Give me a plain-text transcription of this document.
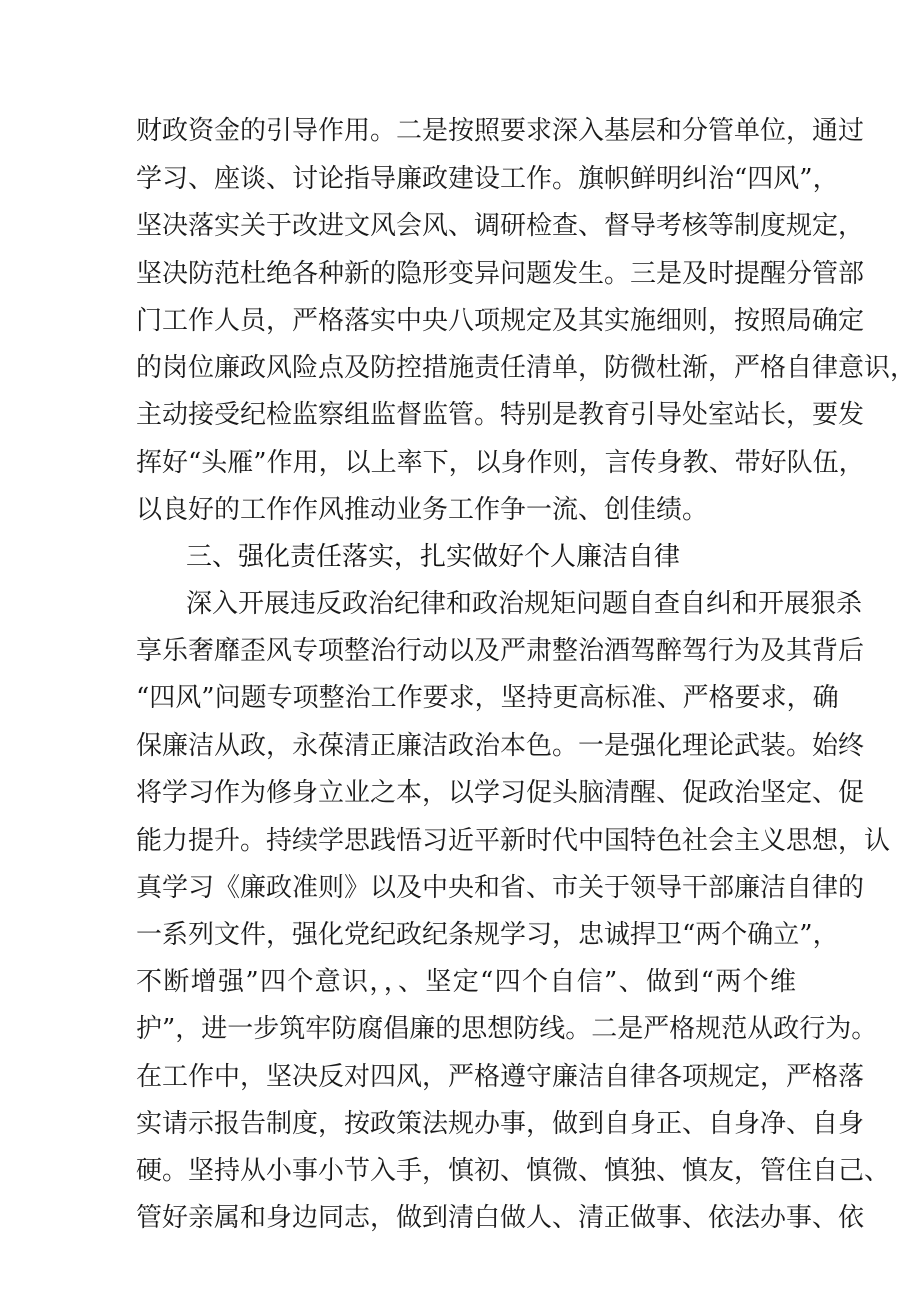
财政资金的引导作用。二是按照要求深入基层和分管单位，通过
学习、座谈、讨论指导廉政建设工作。旗帜鲜明纠治“四风”，
坚决落实关于改进文风会风、调研检查、督导考核等制度规定，
坚决防范杜绝各种新的隐形变异问题发生。三是及时提醒分管部
门工作人员，严格落实中央八项规定及其实施细则，按照局确定
的岗位廉政风险点及防控措施责任清单，防微杜渐，严格自律意识，
主动接受纪检监察组监督监管。特别是教育引导处室站长，要发
挥好“头雁”作用，以上率下，以身作则，言传身教、带好队伍，
以良好的工作作风推动业务工作争一流、创佳绩。
三、强化责任落实，扎实做好个人廉洁自律
深入开展违反政治纪律和政治规矩问题自查自纠和开展狠杀
享乐奢靡歪风专项整治行动以及严肃整治酒驾醉驾行为及其背后
“四风”问题专项整治工作要求，坚持更高标准、严格要求，确
保廉洁从政，永葆清正廉洁政治本色。一是强化理论武装。始终
将学习作为修身立业之本，以学习促头脑清醒、促政治坚定、促
能力提升。持续学思践悟习近平新时代中国特色社会主义思想，认
真学习《廉政准则》以及中央和省、市关于领导干部廉洁自律的
一系列文件，强化党纪政纪条规学习，忠诚捍卫“两个确立”，
不断增强”四个意识，，、坚定“四个自信”、做到“两个维
护”，进一步筑牢防腐倡廉的思想防线。二是严格规范从政行为。
在工作中，坚决反对四风，严格遵守廉洁自律各项规定，严格落
实请示报告制度，按政策法规办事，做到自身正、自身净、自身
硬。坚持从小事小节入手，慎初、慎微、慎独、慎友，管住自己、
管好亲属和身边同志，做到清白做人、清正做事、依法办事、依
